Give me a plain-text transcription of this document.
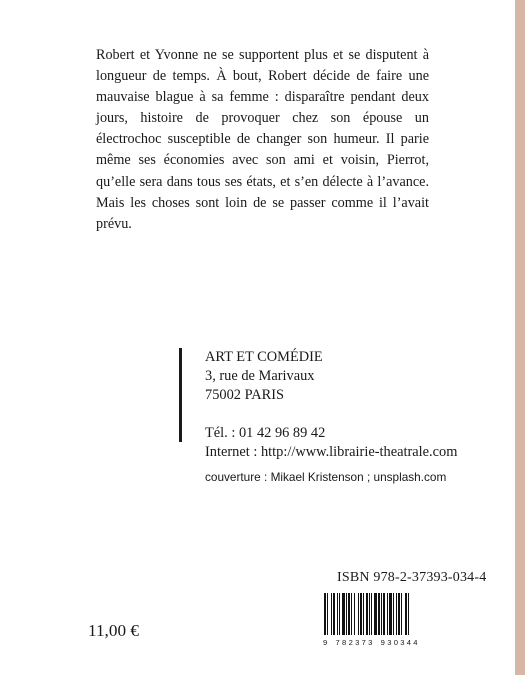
Robert et Yvonne ne se supportent plus et se disputent à longueur de temps. À bout, Robert décide de faire une mauvaise blague à sa femme : disparaître pendant deux jours, histoire de provoquer chez son épouse un électrochoc susceptible de changer son humeur. Il parie même ses économies avec son ami et voisin, Pierrot, qu’elle sera dans tous ses états, et s’en délecte à l’avance. Mais les choses sont loin de se passer comme il l’avait prévu.

ART ET COMÉDIE
3, rue de Marivaux
75002 PARIS
Tél. : 01 42 96 89 42
Internet : http://www.librairie-theatrale.com
couverture : Mikael Kristenson ; unsplash.com
ISBN 978-2-37393-034-4
9 782373 930344
11,00 €
